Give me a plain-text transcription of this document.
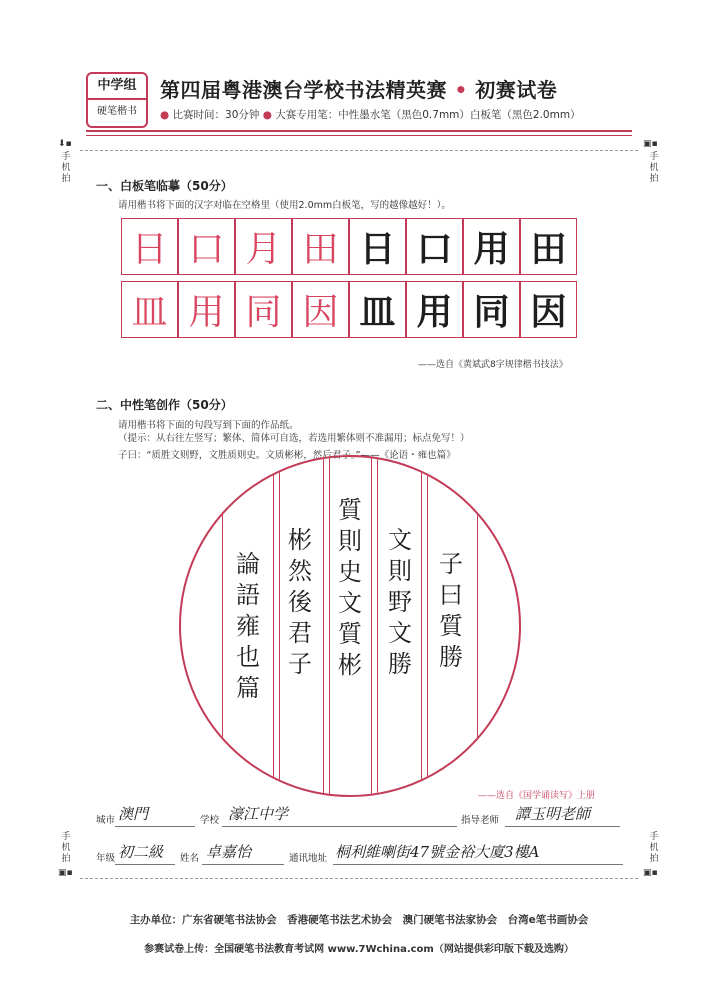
中学组
硬笔楷书
第四届粤港澳台学校书法精英赛 • 初赛试卷
● 比赛时间：30分钟 ● 大赛专用笔：中性墨水笔（黑色0.7mm）白板笔（黑色2.0mm）
⬇▪
手机拍
▣▪
手机拍
手机拍
▣▪
手机拍
▣▪
一、白板笔临摹（50分）
请用楷书将下面的汉字对临在空格里（使用2.0mm白板笔，写的越像越好！）。
日 口 月 田 日 口 用 田
皿 用 同 因 皿 用 同 因
——选自《黄斌武8字规律楷书技法》
二、中性笔创作（50分）
请用楷书将下面的句段写到下面的作品纸。
（提示：从右往左竖写；繁体、简体可自选，若选用繁体则不准漏用；标点免写！）
子曰：“质胜文则野，文胜质则史。文质彬彬，然后君子。”——《论语・雍也篇》
子曰質勝
文則野文勝
質則史文質彬
彬然後君子
論語雍也篇
——选自《国学诵读写》上册
城市 澳門	学校 濠江中学	指导老师 譚玉明老師
年级 初二級 姓名 卓嘉怡	通讯地址 桐利維喇街47號金裕大廈3樓A
主办单位：广东省硬笔书法协会　香港硬笔书法艺术协会　澳门硬笔书法家协会　台湾e笔书画协会
参赛试卷上传：全国硬笔书法教育考试网 www.7Wchina.com（网站提供彩印版下载及选购）
